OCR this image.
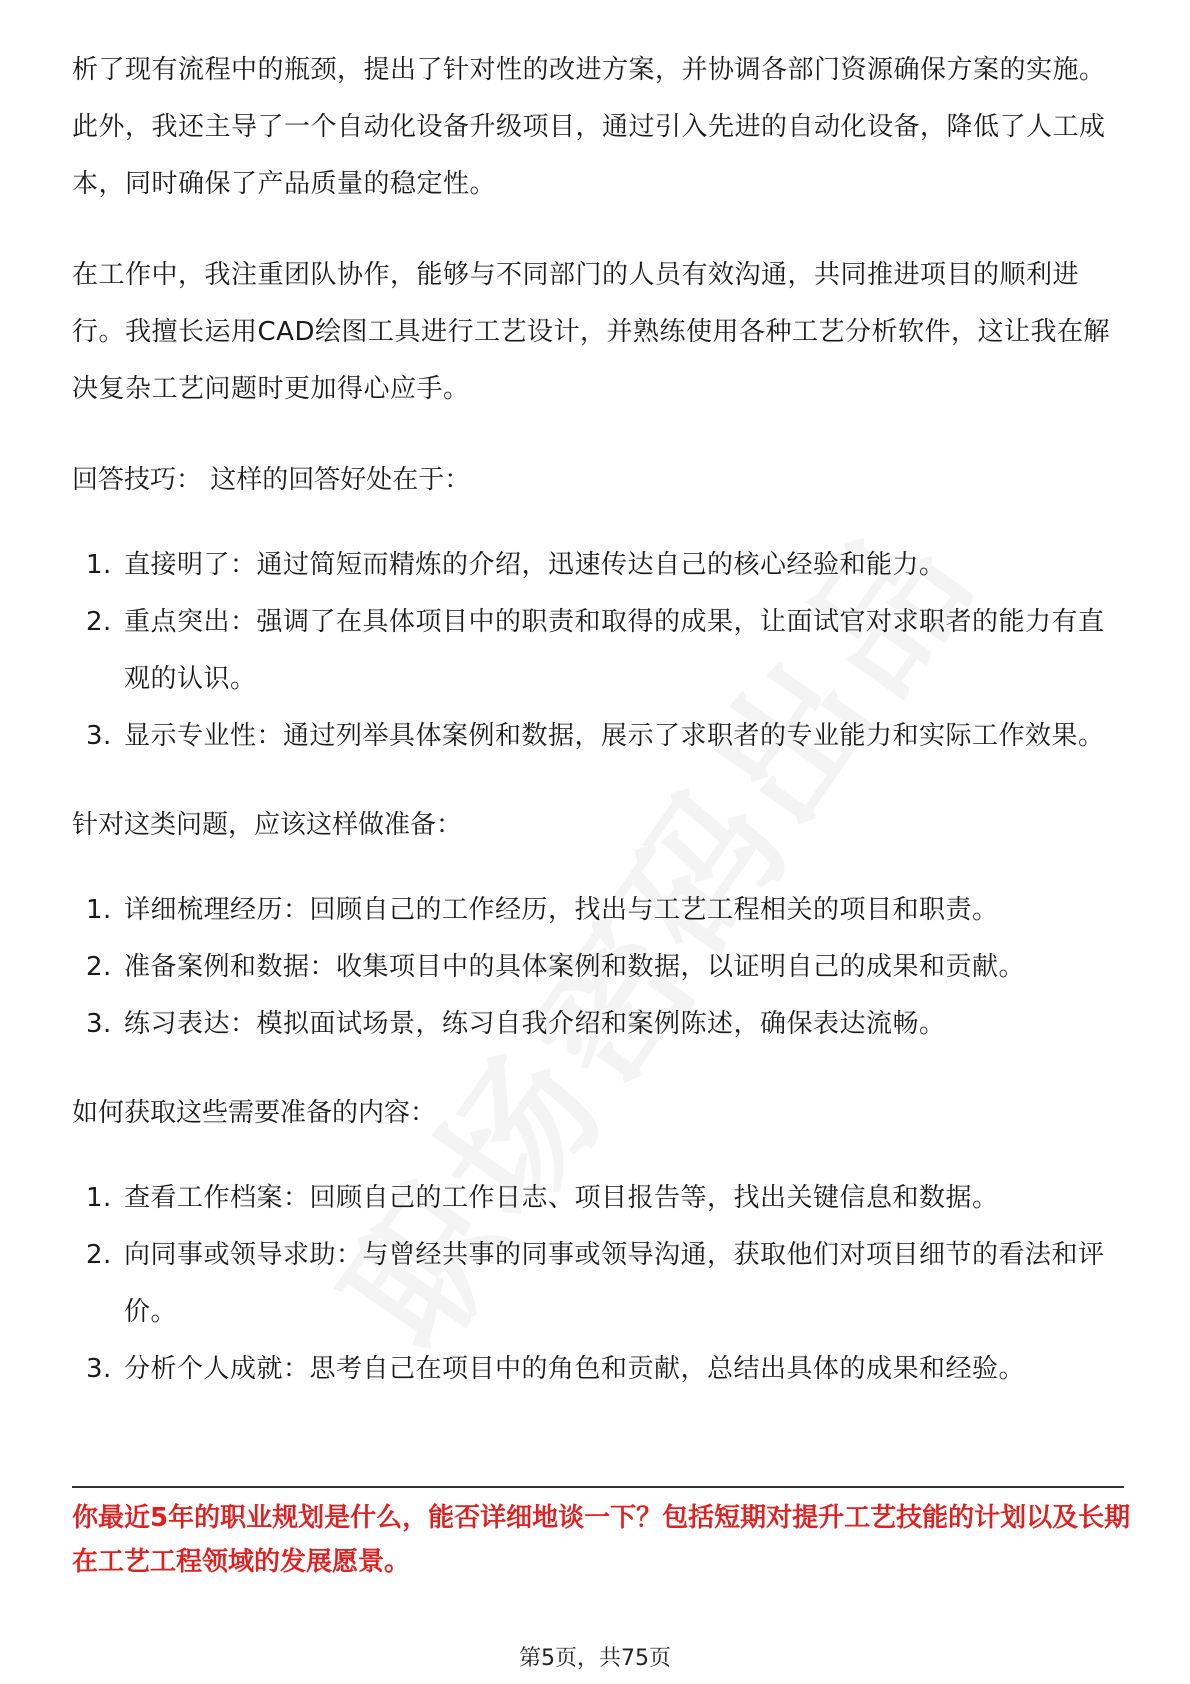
析了现有流程中的瓶颈，提出了针对性的改进方案，并协调各部门资源确保方案的实施。此外，我还主导了一个自动化设备升级项目，通过引入先进的自动化设备，降低了人工成本，同时确保了产品质量的稳定性。

在工作中，我注重团队协作，能够与不同部门的人员有效沟通，共同推进项目的顺利进行。我擅长运用CAD绘图工具进行工艺设计，并熟练使用各种工艺分析软件，这让我在解决复杂工艺问题时更加得心应手。

回答技巧： 这样的回答好处在于：

1. 直接明了：通过简短而精炼的介绍，迅速传达自己的核心经验和能力。
2. 重点突出：强调了在具体项目中的职责和取得的成果，让面试官对求职者的能力有直观的认识。
3. 显示专业性：通过列举具体案例和数据，展示了求职者的专业能力和实际工作效果。

针对这类问题，应该这样做准备：

1. 详细梳理经历：回顾自己的工作经历，找出与工艺工程相关的项目和职责。
2. 准备案例和数据：收集项目中的具体案例和数据，以证明自己的成果和贡献。
3. 练习表达：模拟面试场景，练习自我介绍和案例陈述，确保表达流畅。

如何获取这些需要准备的内容：

1. 查看工作档案：回顾自己的工作日志、项目报告等，找出关键信息和数据。
2. 向同事或领导求助：与曾经共事的同事或领导沟通，获取他们对项目细节的看法和评价。
3. 分析个人成就：思考自己在项目中的角色和贡献，总结出具体的成果和经验。
你最近5年的职业规划是什么，能否详细地谈一下？包括短期对提升工艺技能的计划以及长期在工艺工程领域的发展愿景。
第5页，共75页
